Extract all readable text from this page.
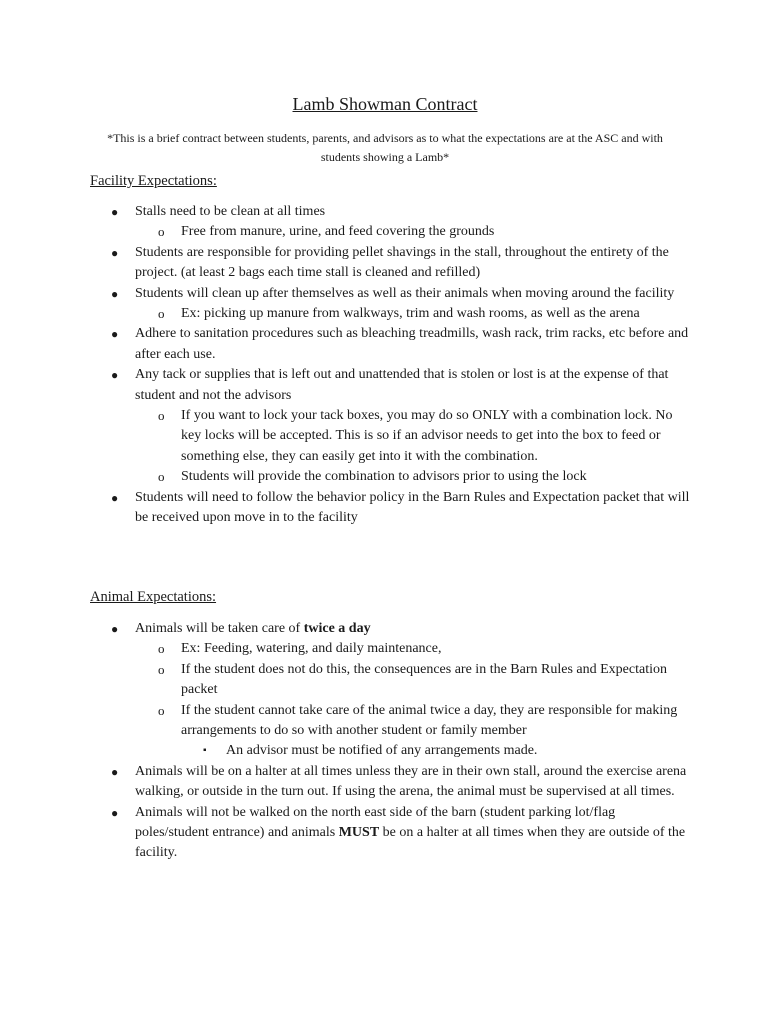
Lamb Showman Contract
*This is a brief contract between students, parents, and advisors as to what the expectations are at the ASC and with students showing a Lamb*
Facility Expectations:
● Stalls need to be clean at all times
o Free from manure, urine, and feed covering the grounds
● Students are responsible for providing pellet shavings in the stall, throughout the entirety of the project. (at least 2 bags each time stall is cleaned and refilled)
● Students will clean up after themselves as well as their animals when moving around the facility
o Ex: picking up manure from walkways, trim and wash rooms, as well as the arena
● Adhere to sanitation procedures such as bleaching treadmills, wash rack, trim racks, etc before and after each use.
● Any tack or supplies that is left out and unattended that is stolen or lost is at the expense of that student and not the advisors
o If you want to lock your tack boxes, you may do so ONLY with a combination lock. No key locks will be accepted. This is so if an advisor needs to get into the box to feed or something else, they can easily get into it with the combination.
o Students will provide the combination to advisors prior to using the lock
● Students will need to follow the behavior policy in the Barn Rules and Expectation packet that will be received upon move in to the facility
Animal Expectations:
● Animals will be taken care of twice a day
o Ex: Feeding, watering, and daily maintenance,
o If the student does not do this, the consequences are in the Barn Rules and Expectation packet
o If the student cannot take care of the animal twice a day, they are responsible for making arrangements to do so with another student or family member
▪ An advisor must be notified of any arrangements made.
● Animals will be on a halter at all times unless they are in their own stall, around the exercise arena walking, or outside in the turn out. If using the arena, the animal must be supervised at all times.
● Animals will not be walked on the north east side of the barn (student parking lot/flag poles/student entrance) and animals MUST be on a halter at all times when they are outside of the facility.
